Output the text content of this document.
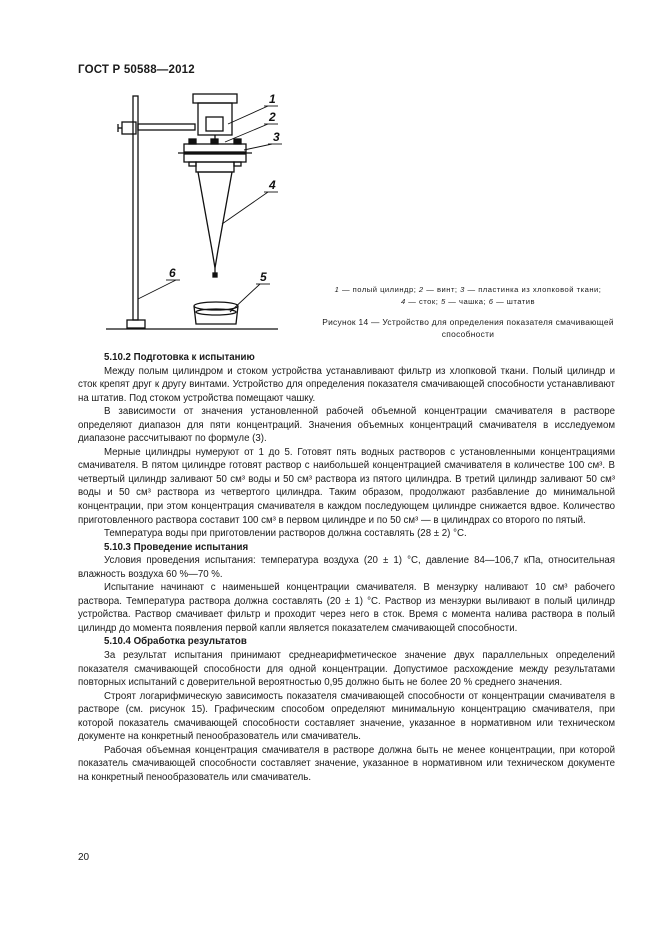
ГОСТ Р 50588—2012
1
2
3
4
5
6
1 — полый цилиндр; 2 — винт; 3 — пластинка из хлопковой ткани;
4 — сток; 5 — чашка; 6 — штатив
Рисунок 14 — Устройство для определения показателя смачивающей способности
5.10.2 Подготовка к испытанию

Между полым цилиндром и стоком устройства устанавливают фильтр из хлопковой ткани. Полый цилиндр и сток крепят друг к другу винтами. Устройство для определения показателя смачивающей способности устанавливают на штатив. Под стоком устройства помещают чашку.

В зависимости от значения установленной рабочей объемной концентрации смачивателя в растворе определяют диапазон для пяти концентраций. Значения объемных концентраций смачивателя в исследуемом диапазоне рассчитывают по формуле (3).

Мерные цилиндры нумеруют от 1 до 5. Готовят пять водных растворов с установленными концентрациями смачивателя. В пятом цилиндре готовят раствор с наибольшей концентрацией смачивателя в количестве 100 см³. В четвертый цилиндр заливают 50 см³ воды и 50 см³ раствора из пятого цилиндра. В третий цилиндр заливают 50 см³ воды и 50 см³ раствора из четвертого цилиндра. Таким образом, продолжают разбавление до минимальной концентрации, при этом концентрация смачивателя в каждом последующем цилиндре снижается вдвое. Количество приготовленного раствора составит 100 см³ в первом цилиндре и по 50 см³ — в цилиндрах со второго по пятый.

Температура воды при приготовлении растворов должна составлять (28 ± 2) °C.

5.10.3 Проведение испытания

Условия проведения испытания: температура воздуха (20 ± 1) °C, давление 84—106,7 кПа, относительная влажность воздуха 60 %—70 %.

Испытание начинают с наименьшей концентрации смачивателя. В мензурку наливают 10 см³ рабочего раствора. Температура раствора должна составлять (20 ± 1) °C. Раствор из мензурки выливают в полый цилиндр устройства. Раствор смачивает фильтр и проходит через него в сток. Время с момента налива раствора в полый цилиндр до момента появления первой капли является показателем смачивающей способности.

5.10.4 Обработка результатов

За результат испытания принимают среднеарифметическое значение двух параллельных определений показателя смачивающей способности для одной концентрации. Допустимое расхождение между результатами повторных испытаний с доверительной вероятностью 0,95 должно быть не более 20 % среднего значения.

Строят логарифмическую зависимость показателя смачивающей способности от концентрации смачивателя в растворе (см. рисунок 15). Графическим способом определяют минимальную концентрацию смачивателя, при которой показатель смачивающей способности составляет значение, указанное в нормативном или техническом документе на конкретный пенообразователь или смачиватель.

Рабочая объемная концентрация смачивателя в растворе должна быть не менее концентрации, при которой показатель смачивающей способности составляет значение, указанное в нормативном или техническом документе на конкретный пенообразователь или смачиватель.

20
